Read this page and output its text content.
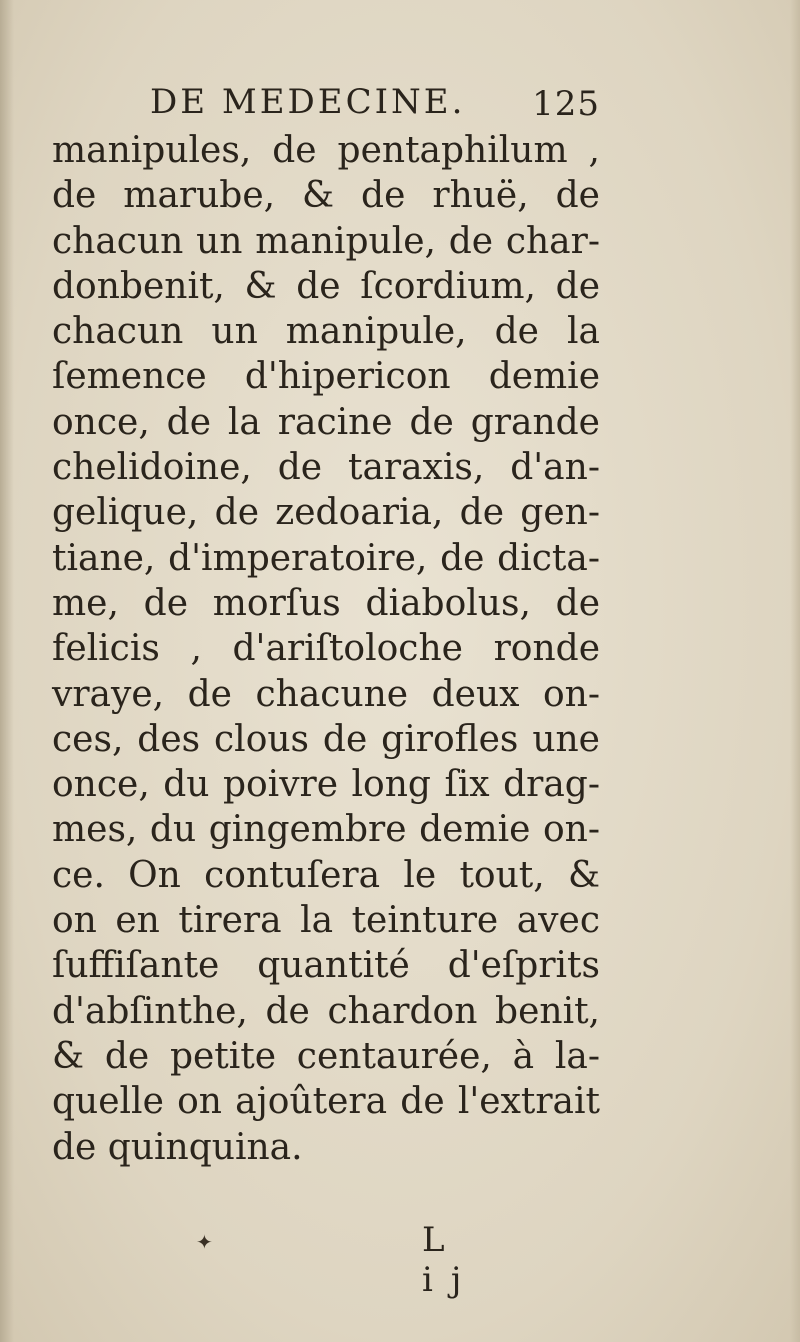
DE MEDECINE. 125
manipules, de pentaphilum ,
de marube, & de rhuë, de
chacun un manipule, de char-
donbenit, & de ſcordium, de
chacun un manipule, de la
ſemence d'hipericon demie
once, de la racine de grande
chelidoine, de taraxis, d'an-
gelique, de zedoaria, de gen-
tiane, d'imperatoire, de dicta-
me, de morſus diabolus, de
felicis , d'ariſtoloche ronde
vraye, de chacune deux on-
ces, des clous de girofles une
once, du poivre long ſix drag-
mes, du gingembre demie on-
ce. On contuſera le tout, &
on en tirera la teinture avec
ſuffiſante quantité d'eſprits
d'abſinthe, de chardon benit,
& de petite centaurée, à la-
quelle on ajoûtera de l'extrait
de quinquina.
✦	L ij
